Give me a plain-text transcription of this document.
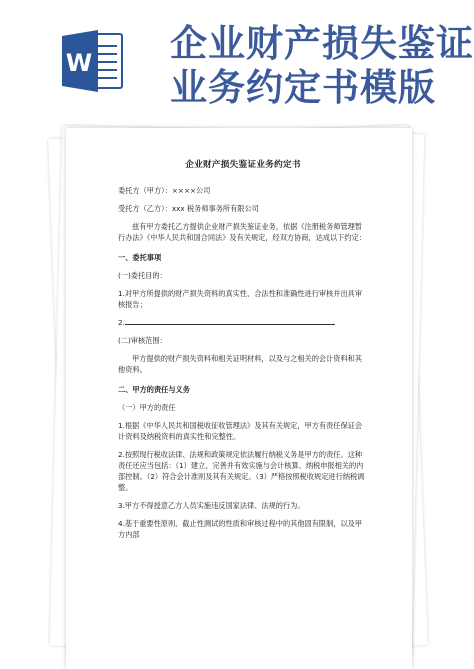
W 企业财产损失鉴证
业务约定书模版
企业财产损失鉴证业务约定书

委托方（甲方）：××××公司

受托方（乙方）：xxx 税务师事务所有限公司

兹有甲方委托乙方提供企业财产损失鉴证业务，依据《注册税务师管理暂行办法》《中华人民共和国合同法》及有关规定，经双方协商，达成以下约定：

一、委托事项

(一)委托目的：

1.对甲方所提供的财产损失资料的真实性、合法性和准确性进行审核并出具审核报告；

2.

(二)审核范围：

甲方提供的财产损失资料和相关证明材料，以及与之相关的会计资料和其他资料。

二、甲方的责任与义务

（一）甲方的责任

1.根据《中华人民共和国税收征收管理法》及其有关规定，甲方有责任保证会计资料及纳税资料的真实性和完整性。

2.按照现行税收法律、法规和政策规定依法履行纳税义务是甲方的责任。这种责任还应当包括：（1）建立、完善并有效实施与会计核算、纳税申报相关的内部控制。（2）符合会计准则及其有关规定。（3）严格按照税收规定进行纳税调整。

3.甲方不得授意乙方人员实施违反国家法律、法规的行为。

4.基于重要性原则、截止性测试的性质和审核过程中的其他固有限制，以及甲方内部
